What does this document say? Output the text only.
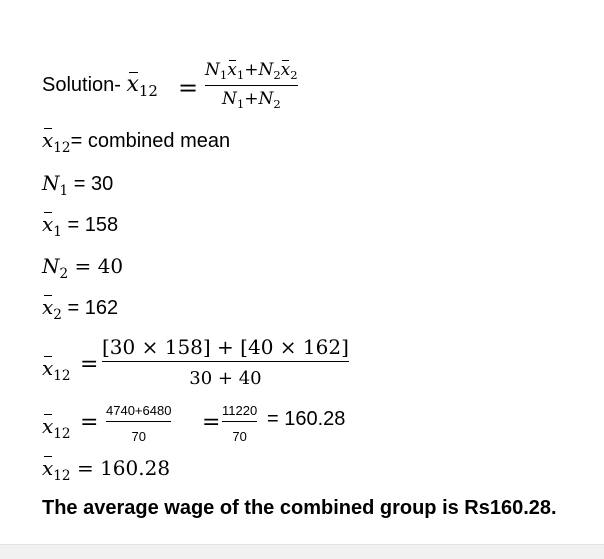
Solution- $x_{12}$ =
$N_1x_1+N_2x_2$
$N_1+N_2$
$x_{12}=$ combined mean
$N_1 = 30$
$x_1 = 158$
$N_2 = 40$
$x_2 = 162$
$x_{12}$ =
[30 × 158] + [40 × 162]
30 + 40
$x_{12} = 4740+6480$
70
= 11220
70
= 160.28
$x_{12} = 160.28$
The average wage of the combined group is Rs160.28.
